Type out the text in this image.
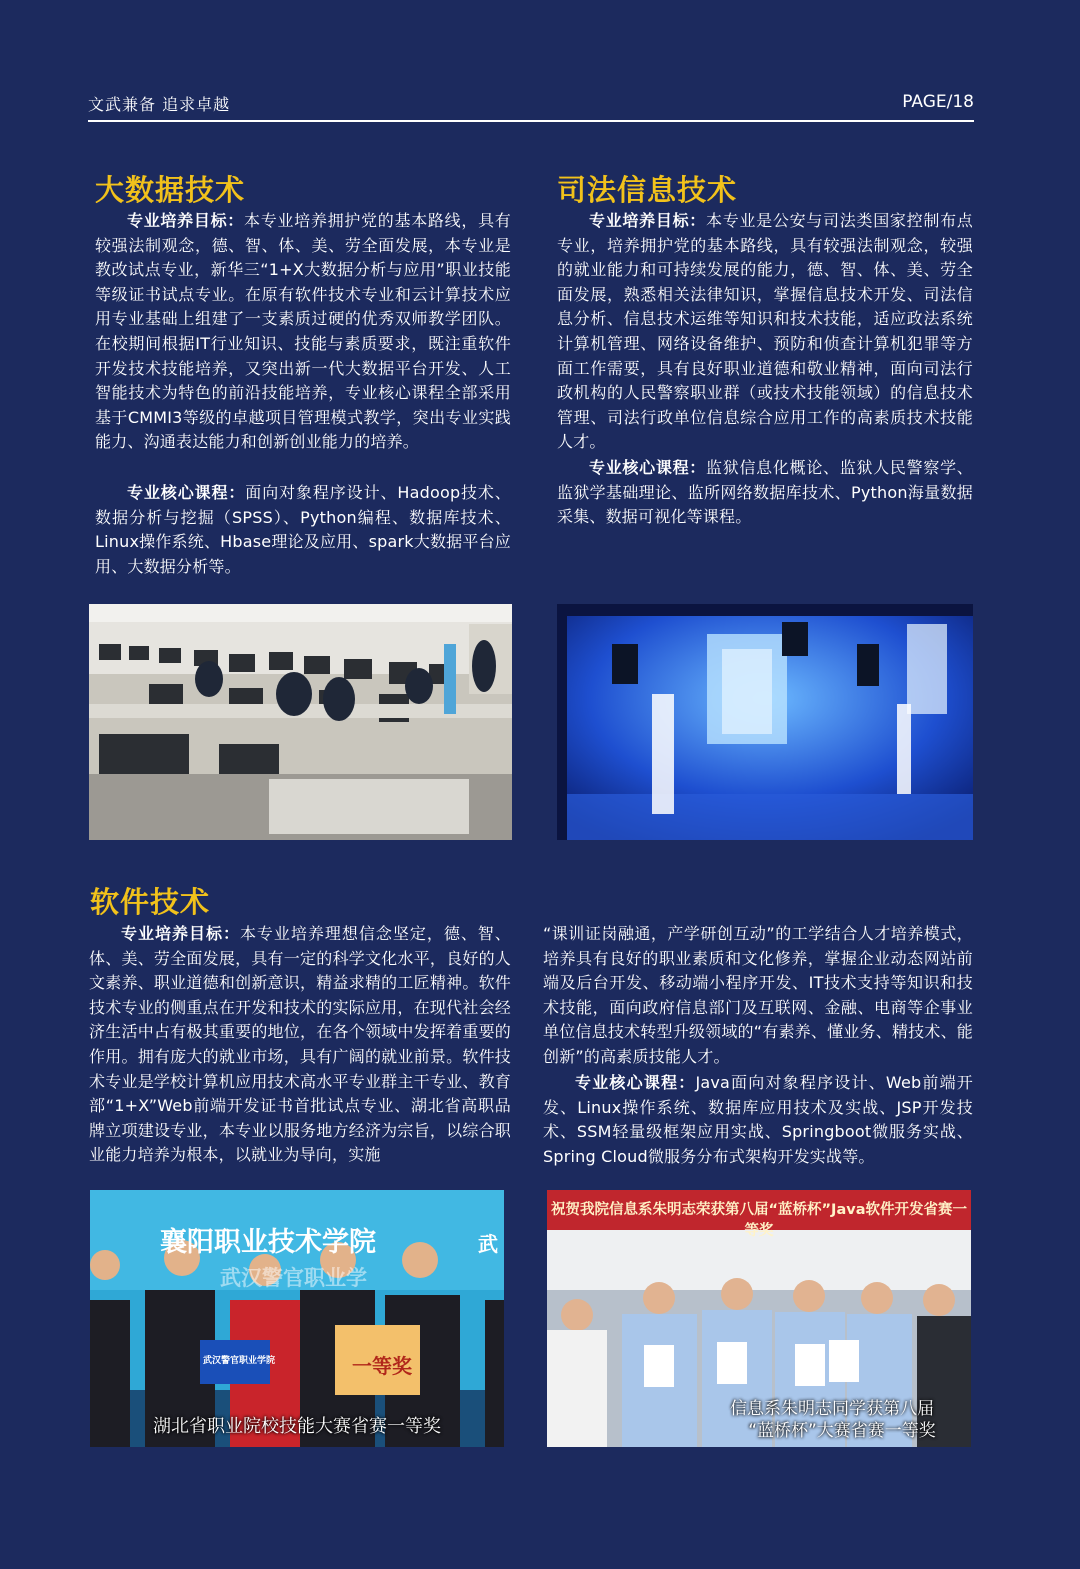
文武兼备 追求卓越	PAGE/18
大数据技术

专业培养目标：本专业培养拥护党的基本路线，具有较强法制观念，德、智、体、美、劳全面发展，本专业是教改试点专业，新华三“1+X大数据分析与应用”职业技能等级证书试点专业。在原有软件技术专业和云计算技术应用专业基础上组建了一支素质过硬的优秀双师教学团队。在校期间根据IT行业知识、技能与素质要求，既注重软件开发技术技能培养，又突出新一代大数据平台开发、人工智能技术为特色的前沿技能培养，专业核心课程全部采用基于CMMI3等级的卓越项目管理模式教学，突出专业实践能力、沟通表达能力和创新创业能力的培养。

专业核心课程：面向对象程序设计、Hadoop技术、数据分析与挖掘（SPSS）、Python编程、数据库技术、Linux操作系统、Hbase理论及应用、spark大数据平台应用、大数据分析等。

司法信息技术

专业培养目标：本专业是公安与司法类国家控制布点专业，培养拥护党的基本路线，具有较强法制观念，较强的就业能力和可持续发展的能力，德、智、体、美、劳全面发展，熟悉相关法律知识，掌握信息技术开发、司法信息分析、信息技术运维等知识和技术技能，适应政法系统计算机管理、网络设备维护、预防和侦查计算机犯罪等方面工作需要，具有良好职业道德和敬业精神，面向司法行政机构的人民警察职业群（或技术技能领域）的信息技术管理、司法行政单位信息综合应用工作的高素质技术技能人才。

专业核心课程：监狱信息化概论、监狱人民警察学、监狱学基础理论、监所网络数据库技术、Python海量数据采集、数据可视化等课程。

软件技术

专业培养目标：本专业培养理想信念坚定，德、智、体、美、劳全面发展，具有一定的科学文化水平，良好的人文素养、职业道德和创新意识，精益求精的工匠精神。软件技术专业的侧重点在开发和技术的实际应用，在现代社会经济生活中占有极其重要的地位，在各个领域中发挥着重要的作用。拥有庞大的就业市场，具有广阔的就业前景。软件技术专业是学校计算机应用技术高水平专业群主干专业、教育部“1+X”Web前端开发证书首批试点专业、湖北省高职品牌立项建设专业，本专业以服务地方经济为宗旨，以综合职业能力培养为根本，以就业为导向，实施

“课训证岗融通，产学研创互动”的工学结合人才培养模式，培养具有良好的职业素质和文化修养，掌握企业动态网站前端及后台开发、移动端小程序开发、IT技术支持等知识和技术技能，面向政府信息部门及互联网、金融、电商等企事业单位信息技术转型升级领域的“有素养、懂业务、精技术、能创新”的高素质技能人才。

专业核心课程：Java面向对象程序设计、Web前端开发、Linux操作系统、数据库应用技术及实战、JSP开发技术、SSM轻量级框架应用实战、Springboot微服务实战、Spring Cloud微服务分布式架构开发实战等。

襄阳职业技术学院	武
武汉警官职业学
武汉警官职业学院	一等奖
湖北省职业院校技能大赛省赛一等奖
祝贺我院信息系朱明志荣获第八届“蓝桥杯”Java软件开发省赛一等奖
信息系朱明志同学获第八届
“蓝桥杯”大赛省赛一等奖
